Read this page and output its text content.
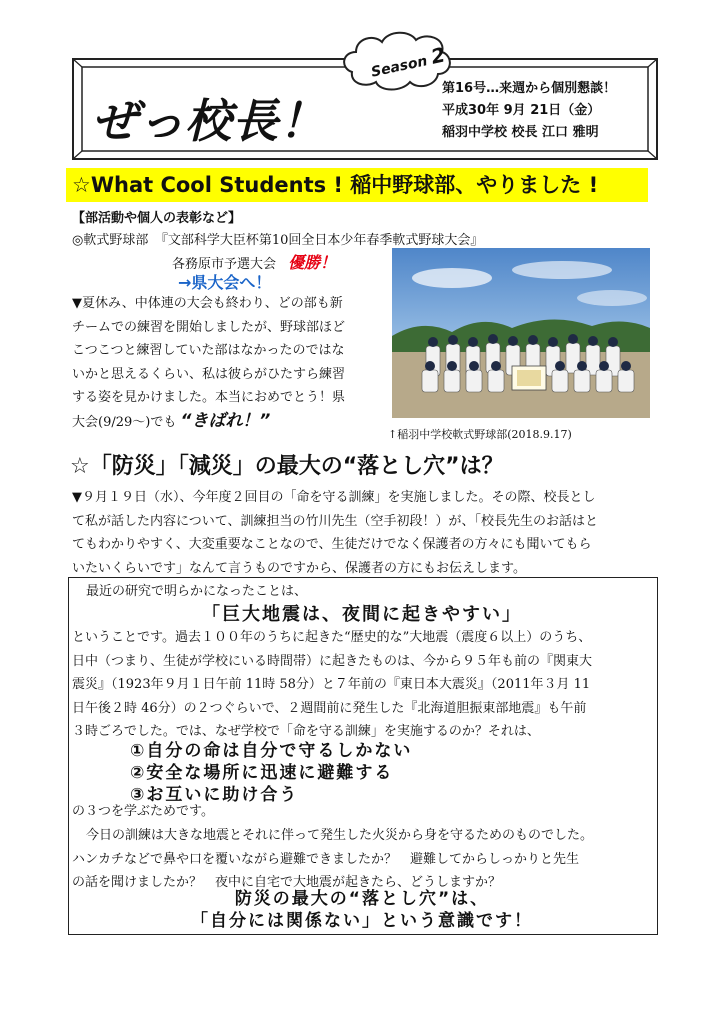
Season 2
ぜっ校長！
第16号…来週から個別懇談！
平成30年 9月 21日（金）
稲羽中学校 校長 江口 雅明
☆What Cool Students ! 稲中野球部、やりました !
【部活動や個人の表彰など】
◎軟式野球部　『文部科学大臣杯第10回全日本少年春季軟式野球大会』
各務原市予選大会 優勝！
→県大会へ！
▼夏休み、中体連の大会も終わり、どの部も新
チームでの練習を開始しましたが、野球部ほど
こつこつと練習していた部はなかったのではな
いかと思えるくらい、私は彼らがひたすら練習
する姿を見かけました。本当におめでとう！県
大会(9/29～)でも “きばれ！”
↑稲羽中学校軟式野球部(2018.9.17)
☆「防災」「減災」の最大の“落とし穴”は？
▼９月１９日（水）、今年度２回目の「命を守る訓練」を実施しました。その際、校長とし
て私が話した内容について、訓練担当の竹川先生（空手初段！）が、「校長先生のお話はと
てもわかりやすく、大変重要なことなので、生徒だけでなく保護者の方々にも聞いてもら
いたいくらいです」なんて言うものですから、保護者の方にもお伝えします。
最近の研究で明らかになったことは、
「巨大地震は、夜間に起きやすい」
ということです。過去１００年のうちに起きた“歴史的な”大地震（震度６以上）のうち、
日中（つまり、生徒が学校にいる時間帯）に起きたものは、今から９５年も前の『関東大
震災』（1923年９月１日午前 11時 58分）と７年前の『東日本大震災』（2011年３月 11
日午後２時 46分）の２つぐらいで、２週間前に発生した『北海道胆振東部地震』も午前
３時ごろでした。では、なぜ学校で「命を守る訓練」を実施するのか？それは、
①自分の命は自分で守るしかない
②安全な場所に迅速に避難する
③お互いに助け合う
の３つを学ぶためです。
今日の訓練は大きな地震とそれに伴って発生した火災から身を守るためのものでした。
ハンカチなどで鼻や口を覆いながら避難できましたか？　避難してからしっかりと先生
の話を聞けましたか？　夜中に自宅で大地震が起きたら、どうしますか？
防災の最大の“落とし穴”は、
「自分には関係ない」という意識です！
